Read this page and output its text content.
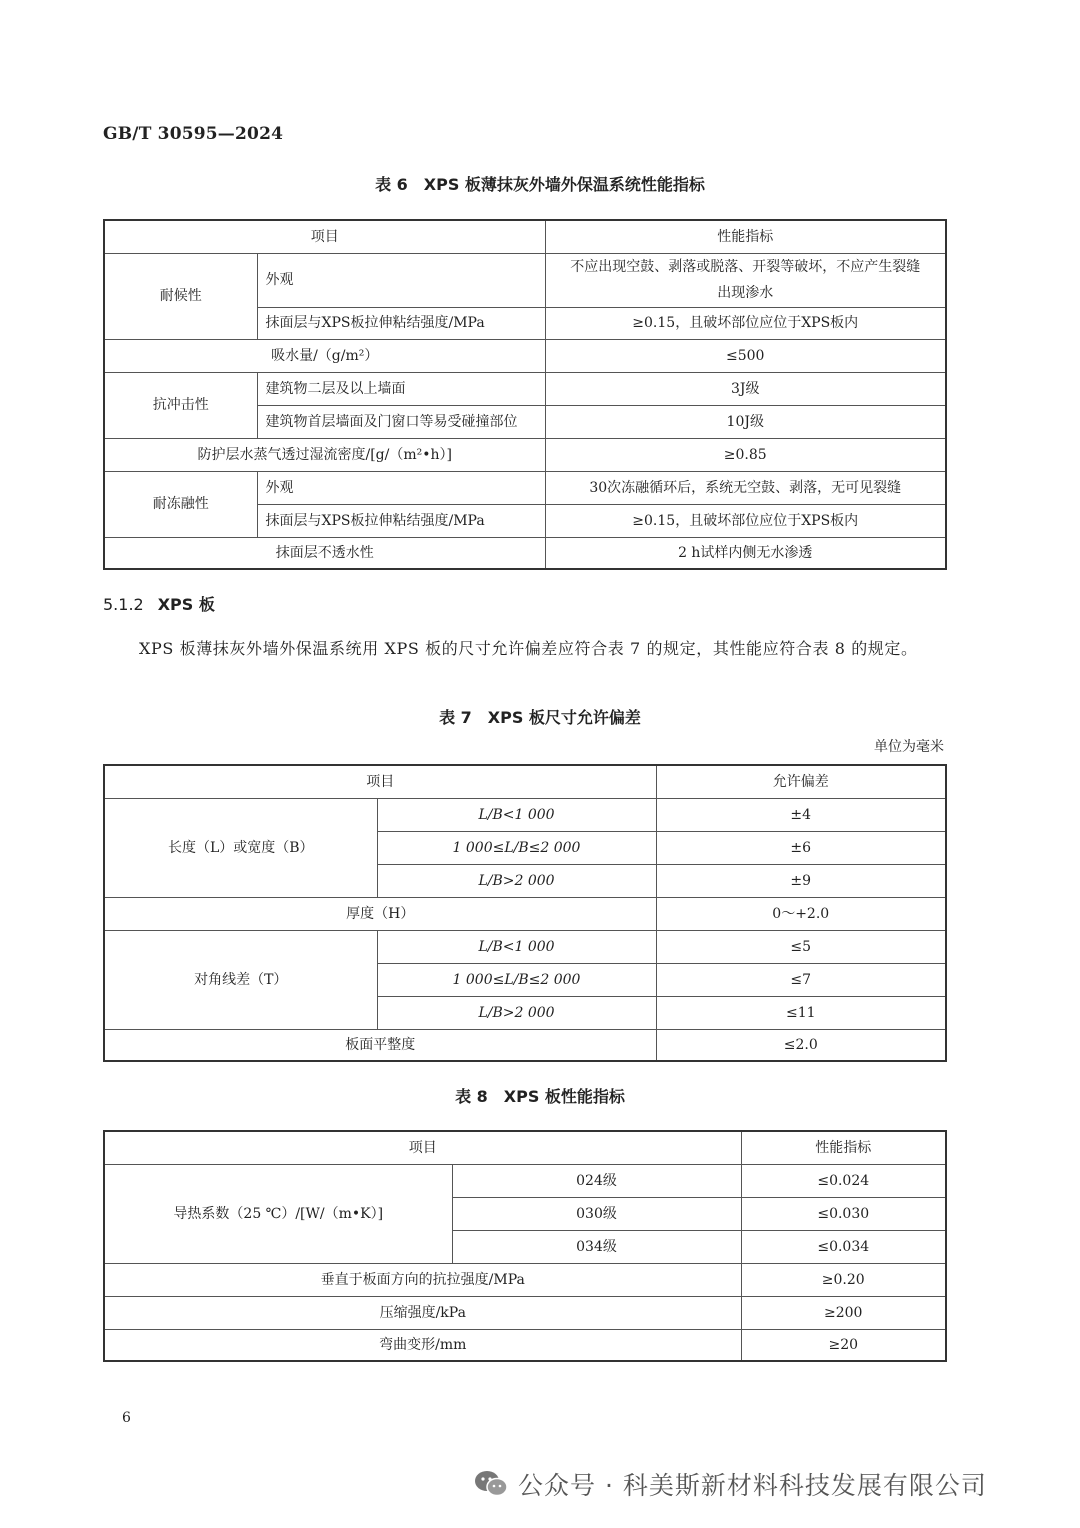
GB/T 30595—2024
表 6　XPS 板薄抹灰外墙外保温系统性能指标
项目		性能指标
耐候性	外观	不应出现空鼓、剥落或脱落、开裂等破坏，不应产生裂缝
出现渗水

	抹面层与XPS板拉伸粘结强度/MPa	≥0.15，且破坏部位应位于XPS板内
吸水量/（g/m²）		≤500
抗冲击性	建筑物二层及以上墙面	3J级
	建筑物首层墙面及门窗口等易受碰撞部位	10J级
防护层水蒸气透过湿流密度/[g/（m²•h）]		≥0.85
耐冻融性	外观	30次冻融循环后，系统无空鼓、剥落，无可见裂缝
	抹面层与XPS板拉伸粘结强度/MPa	≥0.15，且破坏部位应位于XPS板内
抹面层不透水性		2 h试样内侧无水渗透
5.1.2 XPS 板
XPS 板薄抹灰外墙外保温系统用 XPS 板的尺寸允许偏差应符合表 7 的规定，其性能应符合表 8 的规定。
表 7　XPS 板尺寸允许偏差
单位为毫米
项目		允许偏差
长度（L）或宽度（B）	L/B<1 000	±4
	1 000≤L/B≤2 000	±6
	L/B>2 000	±9
厚度（H）		0～+2.0
对角线差（T）	L/B<1 000	≤5
	1 000≤L/B≤2 000	≤7
	L/B>2 000	≤11
板面平整度		≤2.0
表 8　XPS 板性能指标
项目		性能指标
导热系数（25 ℃）/[W/（m•K）]	024级	≤0.024
	030级	≤0.030
	034级	≤0.034
垂直于板面方向的抗拉强度/MPa		≥0.20
压缩强度/kPa		≥200
弯曲变形/mm		≥20
6
公众号 · 科美斯新材料科技发展有限公司
